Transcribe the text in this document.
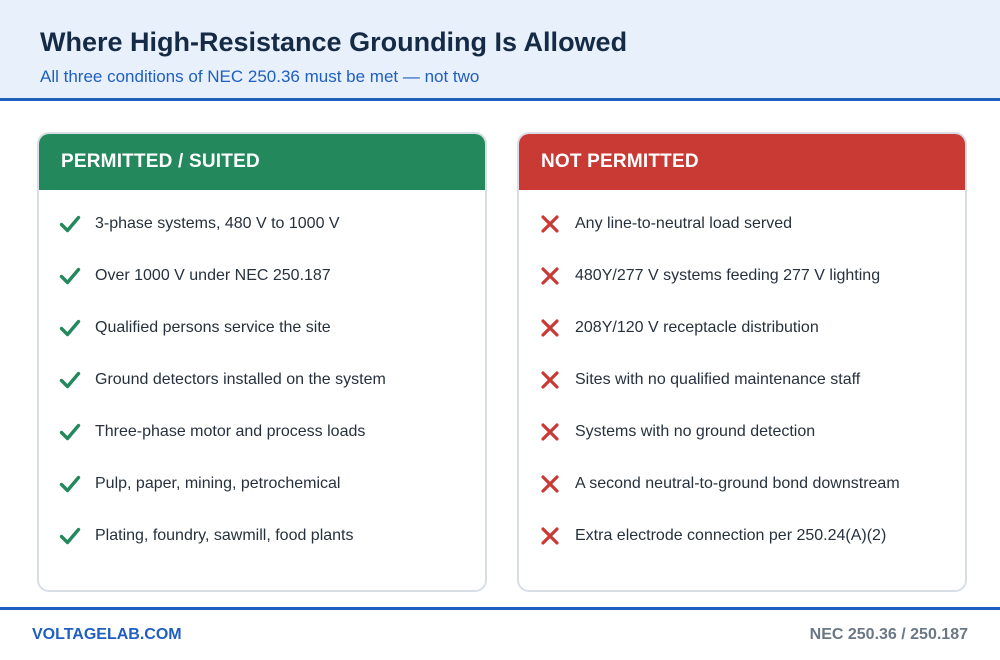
Where High-Resistance Grounding Is Allowed
All three conditions of NEC 250.36 must be met — not two
PERMITTED / SUITED
3-phase systems, 480 V to 1000 V
Over 1000 V under NEC 250.187
Qualified persons service the site
Ground detectors installed on the system
Three-phase motor and process loads
Pulp, paper, mining, petrochemical
Plating, foundry, sawmill, food plants
NOT PERMITTED
Any line-to-neutral load served
480Y/277 V systems feeding 277 V lighting
208Y/120 V receptacle distribution
Sites with no qualified maintenance staff
Systems with no ground detection
A second neutral-to-ground bond downstream
Extra electrode connection per 250.24(A)(2)
VOLTAGELAB.COM	NEC 250.36 / 250.187
